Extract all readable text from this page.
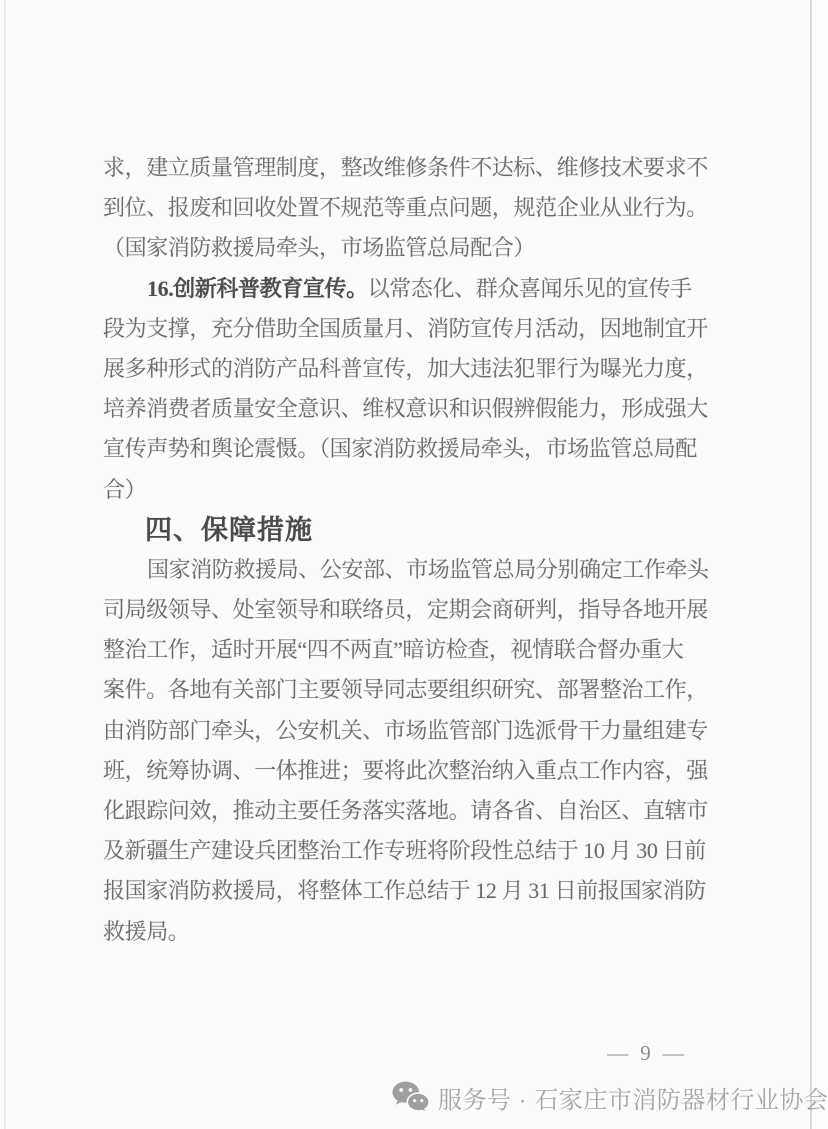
求，建立质量管理制度，整改维修条件不达标、维修技术要求不
到位、报废和回收处置不规范等重点问题，规范企业从业行为。
（国家消防救援局牵头，市场监管总局配合）
16.创新科普教育宣传。以常态化、群众喜闻乐见的宣传手
段为支撑，充分借助全国质量月、消防宣传月活动，因地制宜开
展多种形式的消防产品科普宣传，加大违法犯罪行为曝光力度，
培养消费者质量安全意识、维权意识和识假辨假能力，形成强大
宣传声势和舆论震慑。（国家消防救援局牵头，市场监管总局配
合）
四、保障措施
国家消防救援局、公安部、市场监管总局分别确定工作牵头
司局级领导、处室领导和联络员，定期会商研判，指导各地开展
整治工作，适时开展“四不两直”暗访检查，视情联合督办重大
案件。各地有关部门主要领导同志要组织研究、部署整治工作，
由消防部门牵头，公安机关、市场监管部门选派骨干力量组建专
班，统筹协调、一体推进；要将此次整治纳入重点工作内容，强
化跟踪问效，推动主要任务落实落地。请各省、自治区、直辖市
及新疆生产建设兵团整治工作专班将阶段性总结于 10 月 30 日前
报国家消防救援局，将整体工作总结于 12 月 31 日前报国家消防
救援局。
— 9 —
服务号 · 石家庄市消防器材行业协会
